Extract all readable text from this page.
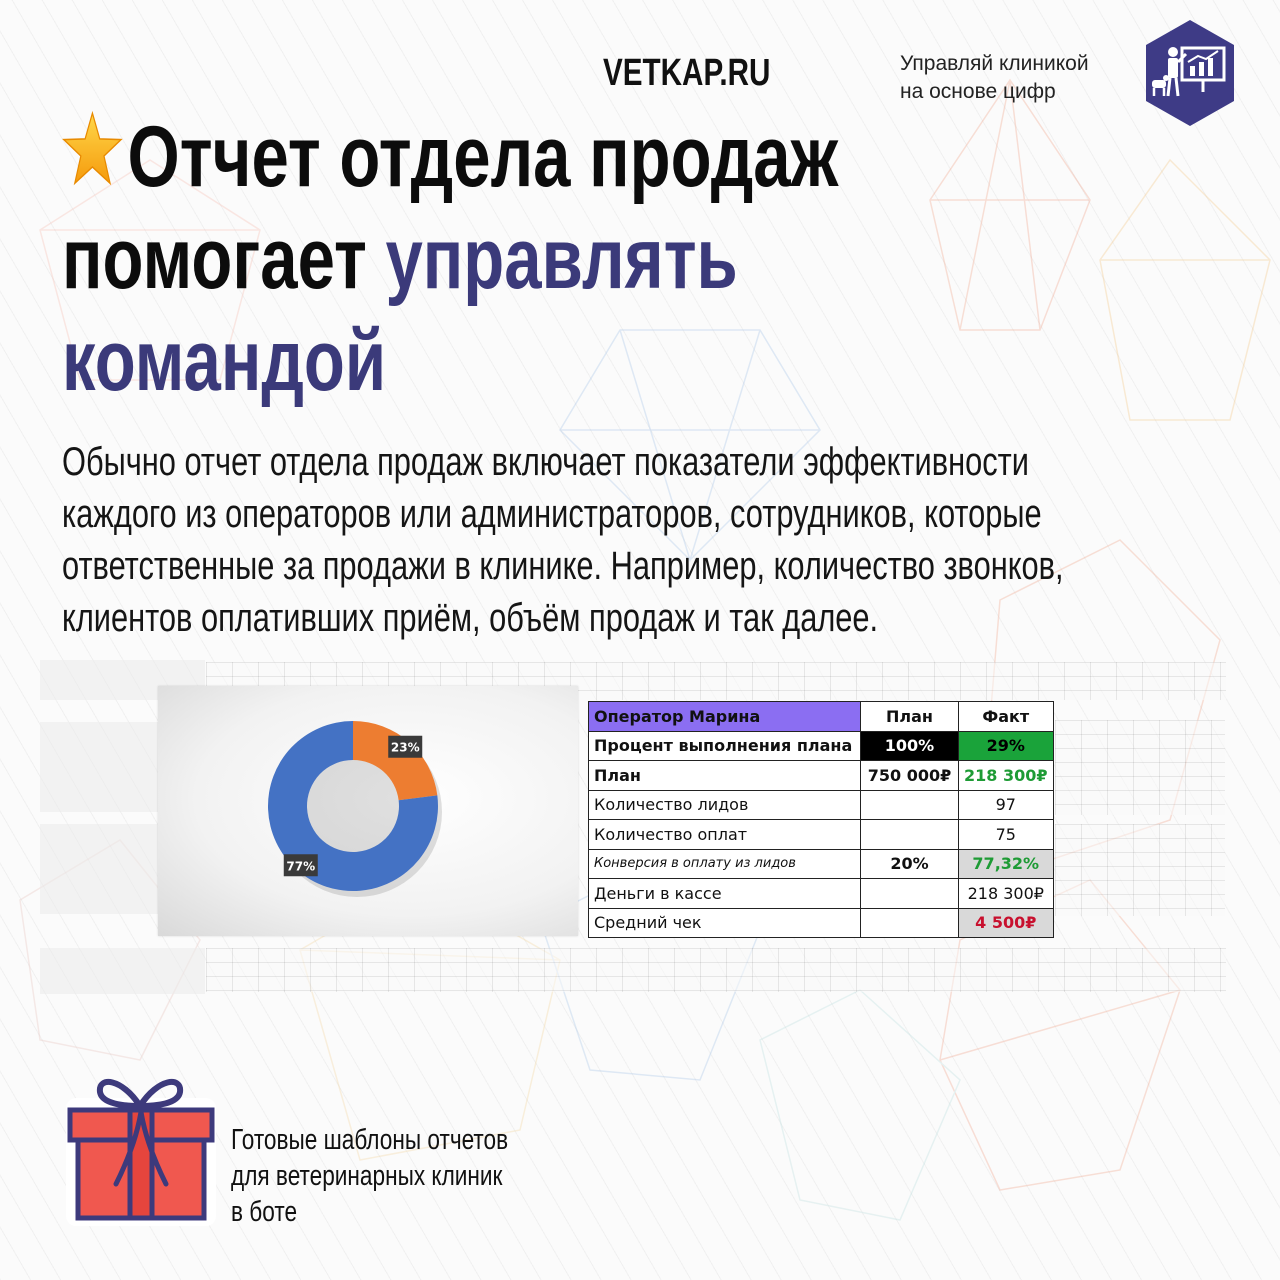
VETKAP.RU	Управляй клиникой
на основе цифр
Отчет отдела продаж
помогает управлять
командой
Обычно отчет отдела продаж включает показатели эффективности
каждого из операторов или администраторов, сотрудников, которые
ответственные за продажи в клинике. Например, количество звонков,
клиентов оплативших приём, объём продаж и так далее.
23%
77%
Оператор Марина	План	Факт
Процент выполнения плана	100%	29%
План	750 000₽	218 300₽
Количество лидов		97
Количество оплат		75
Конверсия в оплату из лидов	20%	77,32%
Деньги в кассе		218 300₽
Средний чек		4 500₽
Готовые шаблоны отчетов
для ветеринарных клиник
в боте
